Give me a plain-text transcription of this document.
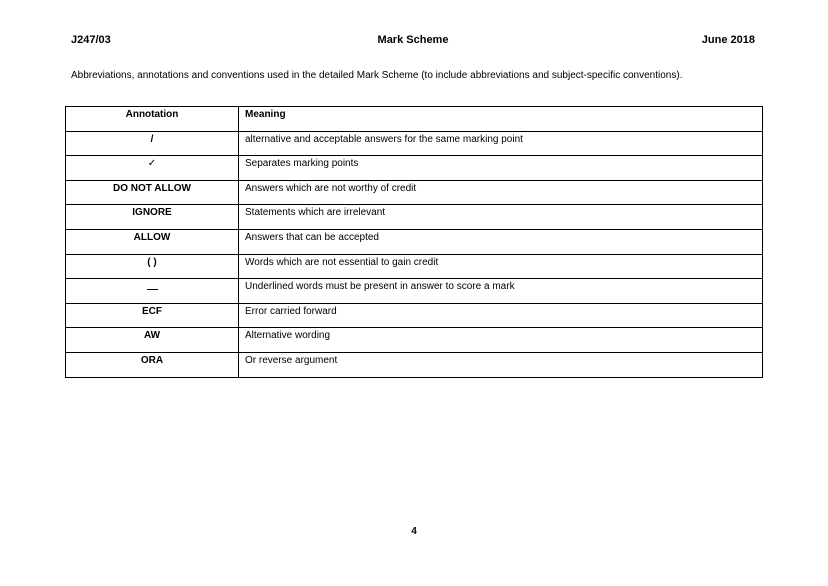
J247/03	Mark Scheme	June 2018
Abbreviations, annotations and conventions used in the detailed Mark Scheme (to include abbreviations and subject-specific conventions).
Annotation	Meaning
/	alternative and acceptable answers for the same marking point
✓	Separates marking points
DO NOT ALLOW	Answers which are not worthy of credit
IGNORE	Statements which are irrelevant
ALLOW	Answers that can be accepted
( )	Words which are not essential to gain credit
	Underlined words must be present in answer to score a mark
ECF	Error carried forward
AW	Alternative wording
ORA	Or reverse argument
4
